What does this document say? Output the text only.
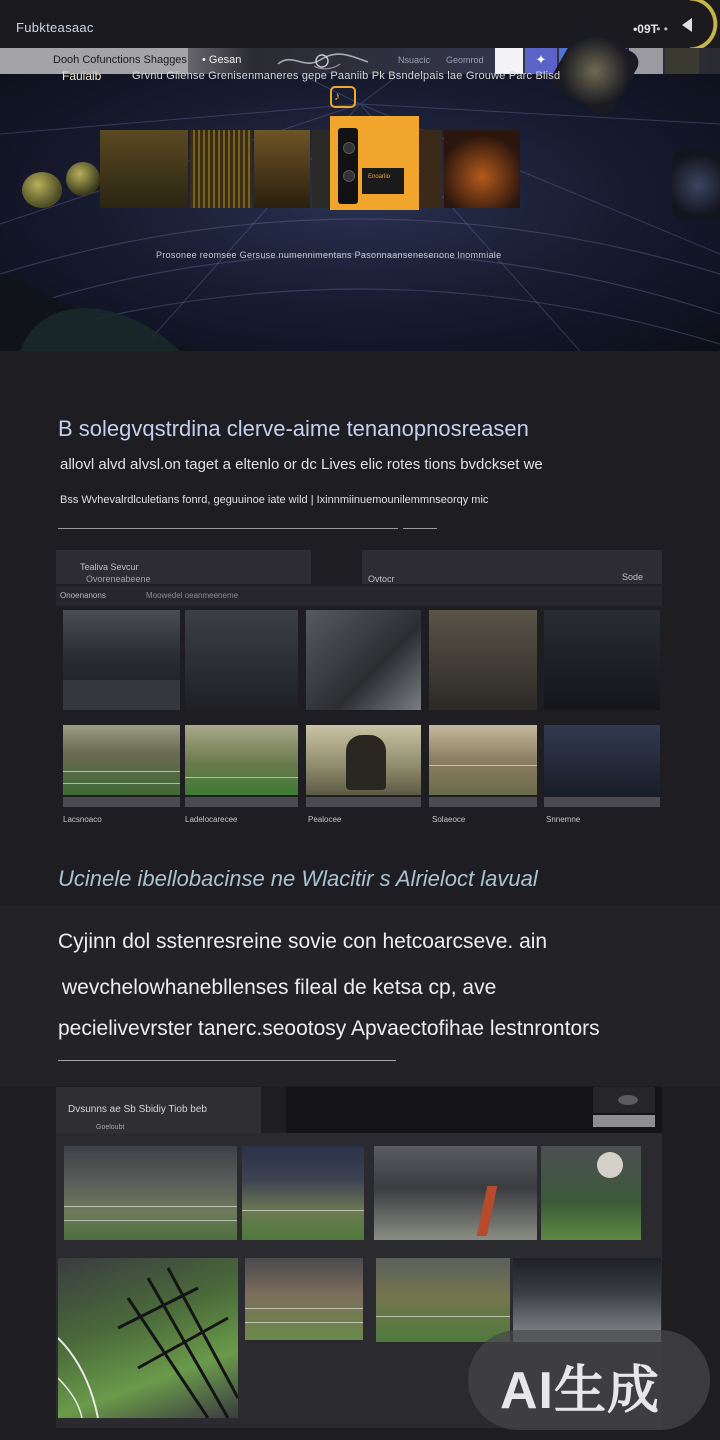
Fubkteasaac	•09T
• •
Dooh Cofunctions Shagges • Gesan	Nsuacic Geomrod	✦
Fauiaib	Grvnu Gliense Grenisenmaneres gepe Paaniib Pk Bsndelpais lae Grouwe Parc Blisd
♪
Enoarlio
Prosonee reomsee Gersuse numennimentans Pasonnaansenesenone lnommiale
B solegvqstrdina clerve-aime tenanopnosreasen
allovl alvd alvsl.on taget a eltenlo or dc Lives elic rotes tions bvdckset we
Bss Wvhevalrdlculetians fonrd, geguuinoe iate wild | Ixinnmiinuemounilemmnseorqy mic
Tealiva Sevcur
Ovoreneabeene	Ovtocr	Sode
Onoenanons	Moowedel oeanmeeneme
Lacsnoaco	Ladelocarecee	Pealocee	Solaeoce	Snnemne
Ucinele ibellobacinse ne Wlacitir s Alrieloct lavual
Cyjinn dol sstenresreine sovie con hetcoarcseve. ain
wevchelowhanebllenses fileal de ketsa cp, ave
pecielivevrster tanerc.seootosy Apvaectofihae lestnrontors
Dvsunns ae Sb Sbidiy Tiob beb
Goeloubt
AI生成
